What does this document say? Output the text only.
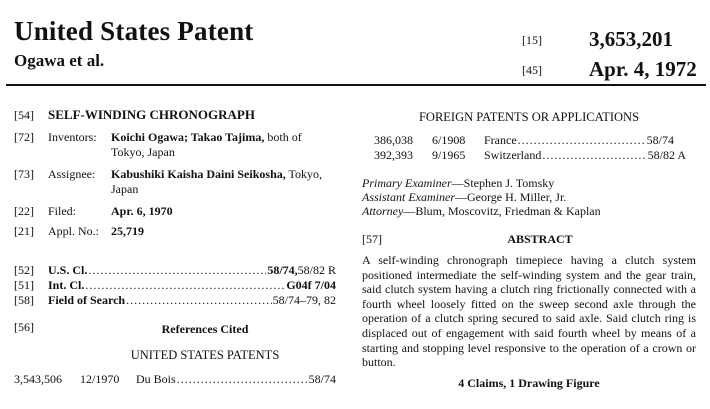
United States Patent
Ogawa et al.
[15] 3,653,201
[45] Apr. 4, 1972
[54] SELF-WINDING CHRONOGRAPH
[72] Inventors: Koichi Ogawa; Takao Tajima, both of
Tokyo, Japan
[73] Assignee: Kabushiki Kaisha Daini Seikosha, Tokyo,
Japan
[22] Filed:	Apr. 6, 1970
[21] Appl. No.: 25,719
[52]	U.S. Cl. .....	58/74, 58/82 R
[51]	Int. Cl. .....	G04f 7/04
[58]	Field of Search .....	58/74–79, 82
[56]	References Cited
UNITED STATES PATENTS
3,543,506	12/1970	Du Bois .....	58/74
FOREIGN PATENTS OR APPLICATIONS
386,038	6/1908	France .....	58/74
392,393	9/1965	Switzerland .....	58/82 A
Primary Examiner—Stephen J. Tomsky
Assistant Examiner—George H. Miller, Jr.
Attorney—Blum, Moscovitz, Friedman & Kaplan
[57]	ABSTRACT
A self-winding chronograph timepiece having a clutch system positioned intermediate the self-winding system and the gear train, said clutch system having a clutch ring frictionally connected with a fourth wheel loosely fitted on the sweep second axle through the operation of a clutch spring secured to said axle. Said clutch ring is displaced out of engagement with said fourth wheel by means of a starting and stopping level responsive to the operation of a crown or button.
4 Claims, 1 Drawing Figure
